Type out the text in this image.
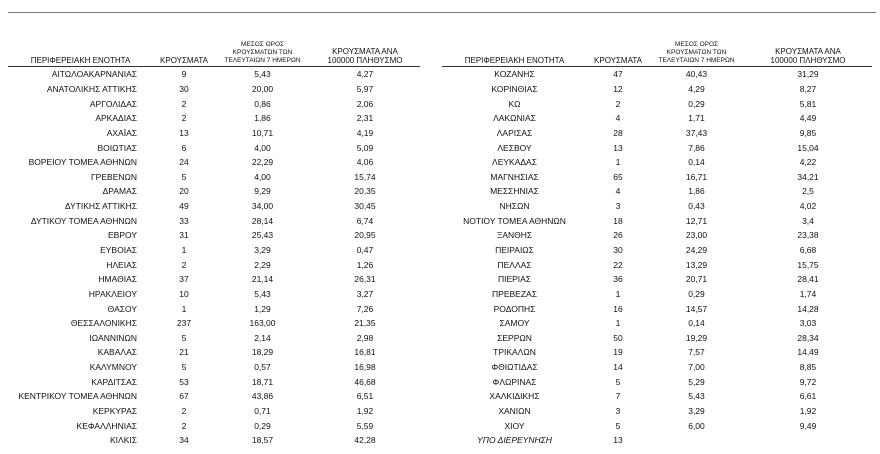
ΠΕΡΙΦΕΡΕΙΑΚΗ ΕΝΟΤΗΤΑ	ΚΡΟΥΣΜΑΤΑ	ΜΕΣΟΣ ΟΡΟΣ
ΚΡΟΥΣΜΑΤΩΝ ΤΩΝ
ΤΕΛΕΥΤΑΙΩΝ 7 ΗΜΕΡΩΝ	ΚΡΟΥΣΜΑΤΑ ΑΝΑ
100000 ΠΛΗΘΥΣΜΟ
ΑΙΤΩΛΟΑΚΑΡΝΑΝΙΑΣ	9	5,43	4,27
ΑΝΑΤΟΛΙΚΗΣ ΑΤΤΙΚΗΣ	30	20,00	5,97
ΑΡΓΟΛΙΔΑΣ	2	0,86	2,06
ΑΡΚΑΔΙΑΣ	2	1,86	2,31
ΑΧΑΪΑΣ	13	10,71	4,19
ΒΟΙΩΤΙΑΣ	6	4,00	5,09
ΒΟΡΕΙΟΥ ΤΟΜΕΑ ΑΘΗΝΩΝ	24	22,29	4,06
ΓΡΕΒΕΝΩΝ	5	4,00	15,74
ΔΡΑΜΑΣ	20	9,29	20,35
ΔΥΤΙΚΗΣ ΑΤΤΙΚΗΣ	49	34,00	30,45
ΔΥΤΙΚΟΥ ΤΟΜΕΑ ΑΘΗΝΩΝ	33	28,14	6,74
ΕΒΡΟΥ	31	25,43	20,95
ΕΥΒΟΙΑΣ	1	3,29	0,47
ΗΛΕΙΑΣ	2	2,29	1,26
ΗΜΑΘΙΑΣ	37	21,14	26,31
ΗΡΑΚΛΕΙΟΥ	10	5,43	3,27
ΘΑΣΟΥ	1	1,29	7,26
ΘΕΣΣΑΛΟΝΙΚΗΣ	237	163,00	21,35
ΙΩΑΝΝΙΝΩΝ	5	2,14	2,98
ΚΑΒΑΛΑΣ	21	18,29	16,81
ΚΑΛΥΜΝΟΥ	5	0,57	16,98
ΚΑΡΔΙΤΣΑΣ	53	18,71	46,68
ΚΕΝΤΡΙΚΟΥ ΤΟΜΕΑ ΑΘΗΝΩΝ	67	43,86	6,51
ΚΕΡΚΥΡΑΣ	2	0,71	1,92
ΚΕΦΑΛΛΗΝΙΑΣ	2	0,29	5,59
ΚΙΛΚΙΣ	34	18,57	42,28
ΠΕΡΙΦΕΡΕΙΑΚΗ ΕΝΟΤΗΤΑ	ΚΡΟΥΣΜΑΤΑ	ΜΕΣΟΣ ΟΡΟΣ
ΚΡΟΥΣΜΑΤΩΝ ΤΩΝ
ΤΕΛΕΥΤΑΙΩΝ 7 ΗΜΕΡΩΝ	ΚΡΟΥΣΜΑΤΑ ΑΝΑ
100000 ΠΛΗΘΥΣΜΟ
ΚΟΖΑΝΗΣ	47	40,43	31,29
ΚΟΡΙΝΘΙΑΣ	12	4,29	8,27
ΚΩ	2	0,29	5,81
ΛΑΚΩΝΙΑΣ	4	1,71	4,49
ΛΑΡΙΣΑΣ	28	37,43	9,85
ΛΕΣΒΟΥ	13	7,86	15,04
ΛΕΥΚΑΔΑΣ	1	0,14	4,22
ΜΑΓΝΗΣΙΑΣ	65	16,71	34,21
ΜΕΣΣΗΝΙΑΣ	4	1,86	2,5
ΝΗΣΩΝ	3	0,43	4,02
ΝΟΤΙΟΥ ΤΟΜΕΑ ΑΘΗΝΩΝ	18	12,71	3,4
ΞΑΝΘΗΣ	26	23,00	23,38
ΠΕΙΡΑΙΩΣ	30	24,29	6,68
ΠΕΛΛΑΣ	22	13,29	15,75
ΠΙΕΡΙΑΣ	36	20,71	28,41
ΠΡΕΒΕΖΑΣ	1	0,29	1,74
ΡΟΔΟΠΗΣ	16	14,57	14,28
ΣΑΜΟΥ	1	0,14	3,03
ΣΕΡΡΩΝ	50	19,29	28,34
ΤΡΙΚΑΛΩΝ	19	7,57	14,49
ΦΘΙΩΤΙΔΑΣ	14	7,00	8,85
ΦΛΩΡΙΝΑΣ	5	5,29	9,72
ΧΑΛΚΙΔΙΚΗΣ	7	5,43	6,61
ΧΑΝΙΩΝ	3	3,29	1,92
ΧΙΟΥ	5	6,00	9,49
ΥΠΟ ΔΙΕΡΕΥΝΗΣΗ	13		
